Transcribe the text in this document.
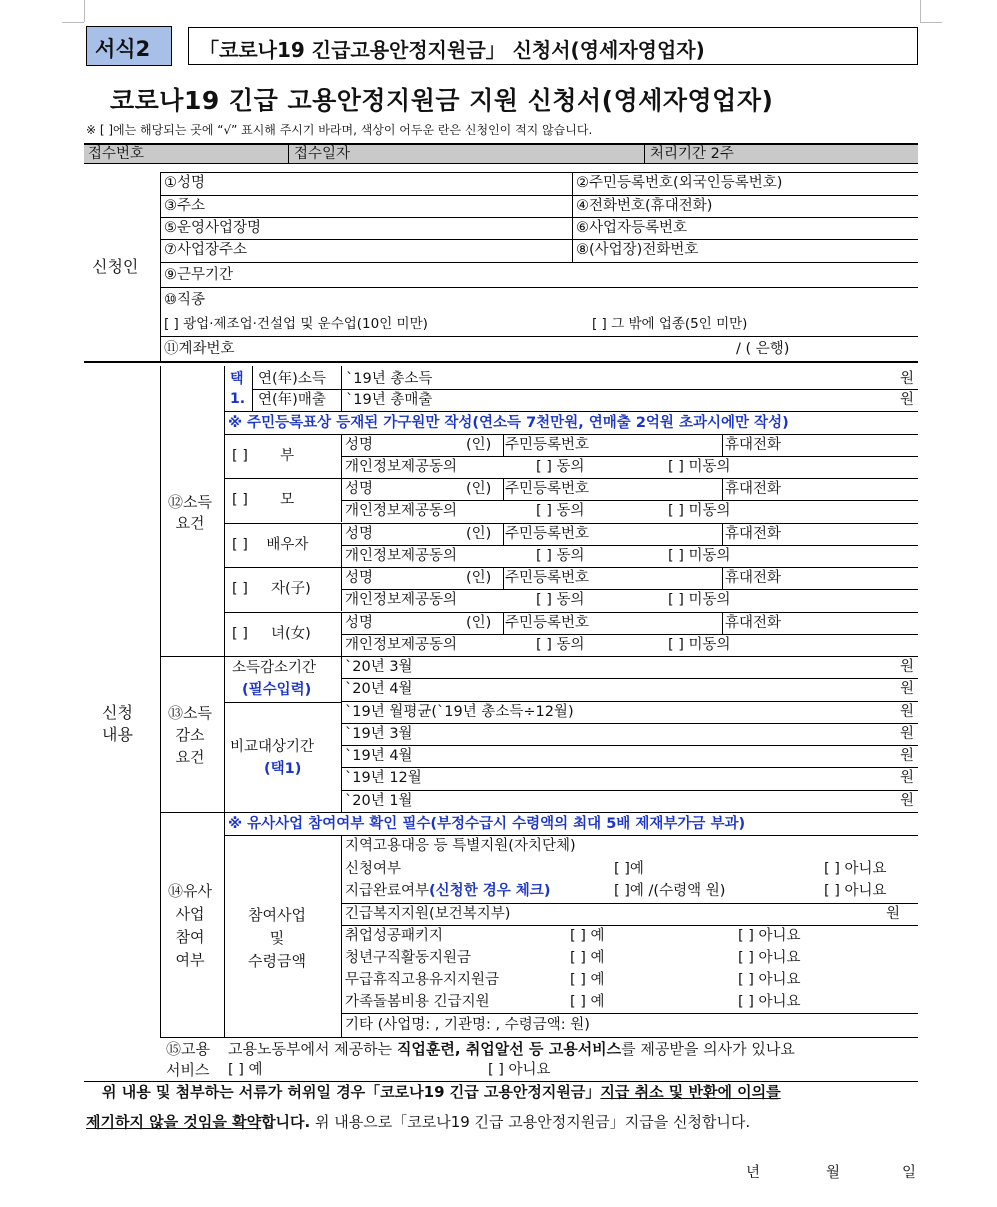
서식2 「코로나19 긴급고용안정지원금」 신청서(영세자영업자)
코로나19 긴급 고용안정지원금 지원 신청서(영세자영업자)
※ [ ]에는 해당되는 곳에 “√” 표시해 주시기 바라며, 색상이 어두운 란은 신청인이 적지 않습니다.
접수번호	접수일자	처리기간 2주
신청인
①성명	②주민등록번호(외국인등록번호)
③주소	④전화번호(휴대전화)
⑤운영사업장명	⑥사업자등록번호
⑦사업장주소	⑧(사업장)전화번호
⑨근무기간
⑩직종
[ ] 광업·제조업·건설업 및 운수업(10인 미만)	[ ] 그 밖에 업종(5인 미만)
⑪계좌번호	/ ( 은행)
신청
내용
⑫소득
요건
택
1.
연(年)소득 `19년 총소득	원
연(年)매출 `19년 총매출	원
※ 주민등록표상 등재된 가구원만 작성(연소득 7천만원, 연매출 2억원 초과시에만 작성)
[ ]       부
성명	(인) 주민등록번호	휴대전화
개인정보제공동의	[ ] 동의	[ ] 미동의
[ ]       모
성명	(인) 주민등록번호	휴대전화
개인정보제공동의	[ ] 동의	[ ] 미동의
[ ]    배우자
성명	(인) 주민등록번호	휴대전화
개인정보제공동의	[ ] 동의	[ ] 미동의
[ ]     자(子)
성명	(인) 주민등록번호	휴대전화
개인정보제공동의	[ ] 동의	[ ] 미동의
[ ]     녀(女)
성명	(인) 주민등록번호	휴대전화
개인정보제공동의	[ ] 동의	[ ] 미동의
⑬소득
감소
요건
소득감소기간
(필수입력)
비교대상기간
(택1)
`20년 3월	원
`20년 4월	원
`19년 월평균(`19년 총소득÷12월)	원
`19년 3월	원
`19년 4월	원
`19년 12월	원
`20년 1월	원
⑭유사
사업
참여
여부
※ 유사사업 참여여부 확인 필수(부정수급시 수령액의 최대 5배 제재부가금 부과)
참여사업
및
수령금액
지역고용대응 등 특별지원(자치단체)
신청여부	[ ]예	[ ] 아니요
지급완료여부(신청한 경우 체크)	[ ]예 /(수령액 원)	[ ] 아니요
긴급복지지원(보건복지부)	원
취업성공패키지	[ ] 예	[ ] 아니요
청년구직활동지원금	[ ] 예	[ ] 아니요
무급휴직고용유지지원금	[ ] 예	[ ] 아니요
가족돌봄비용 긴급지원	[ ] 예	[ ] 아니요
기타 (사업명: , 기관명: , 수령금액: 원)
⑮고용
서비스
고용노동부에서 제공하는 직업훈련, 취업알선 등 고용서비스를 제공받을 의사가 있나요
[ ] 예	[ ] 아니요
위 내용 및 첨부하는 서류가 허위일 경우「코로나19 긴급 고용안정지원금」지급 취소 및 반환에 이의를
제기하지 않을 것임을 확약합니다. 위 내용으로「코로나19 긴급 고용안정지원금」지급을 신청합니다.
년	월	일
